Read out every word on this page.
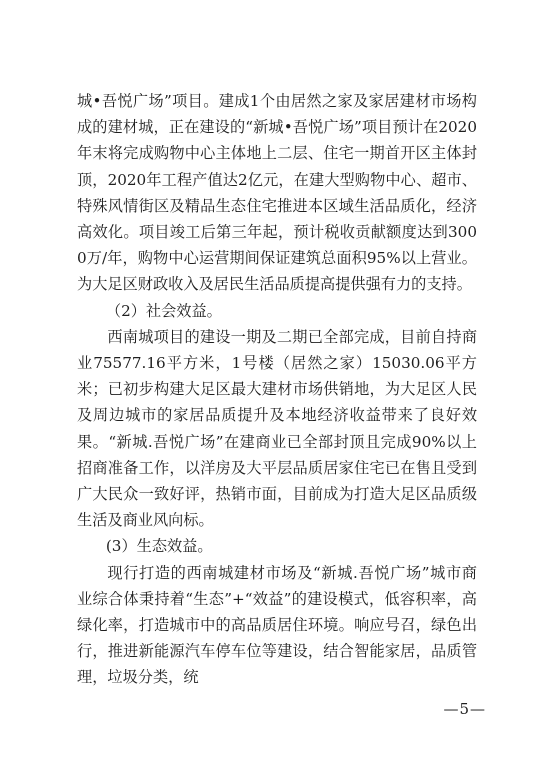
城•吾悦广场”项目。建成1个由居然之家及家居建材市场构成的建材城，正在建设的“新城•吾悦广场”项目预计在2020年末将完成购物中心主体地上二层、住宅一期首开区主体封顶，2020年工程产值达2亿元，在建大型购物中心、超市、特殊风情街区及精品生态住宅推进本区域生活品质化，经济高效化。项目竣工后第三年起，预计税收贡献额度达到3000万/年，购物中心运营期间保证建筑总面积95%以上营业。为大足区财政收入及居民生活品质提高提供强有力的支持。

（2）社会效益。

西南城项目的建设一期及二期已全部完成，目前自持商业75577.16平方米，1号楼（居然之家）15030.06平方米；已初步构建大足区最大建材市场供销地，为大足区人民及周边城市的家居品质提升及本地经济收益带来了良好效果。“新城.吾悦广场”在建商业已全部封顶且完成90%以上招商准备工作，以洋房及大平层品质居家住宅已在售且受到广大民众一致好评，热销市面，目前成为打造大足区品质级生活及商业风向标。

(3）生态效益。

现行打造的西南城建材市场及“新城.吾悦广场”城市商业综合体秉持着“生态”+“效益”的建设模式，低容积率，高绿化率，打造城市中的高品质居住环境。响应号召，绿色出行，推进新能源汽车停车位等建设，结合智能家居，品质管理，垃圾分类，统

—5—
